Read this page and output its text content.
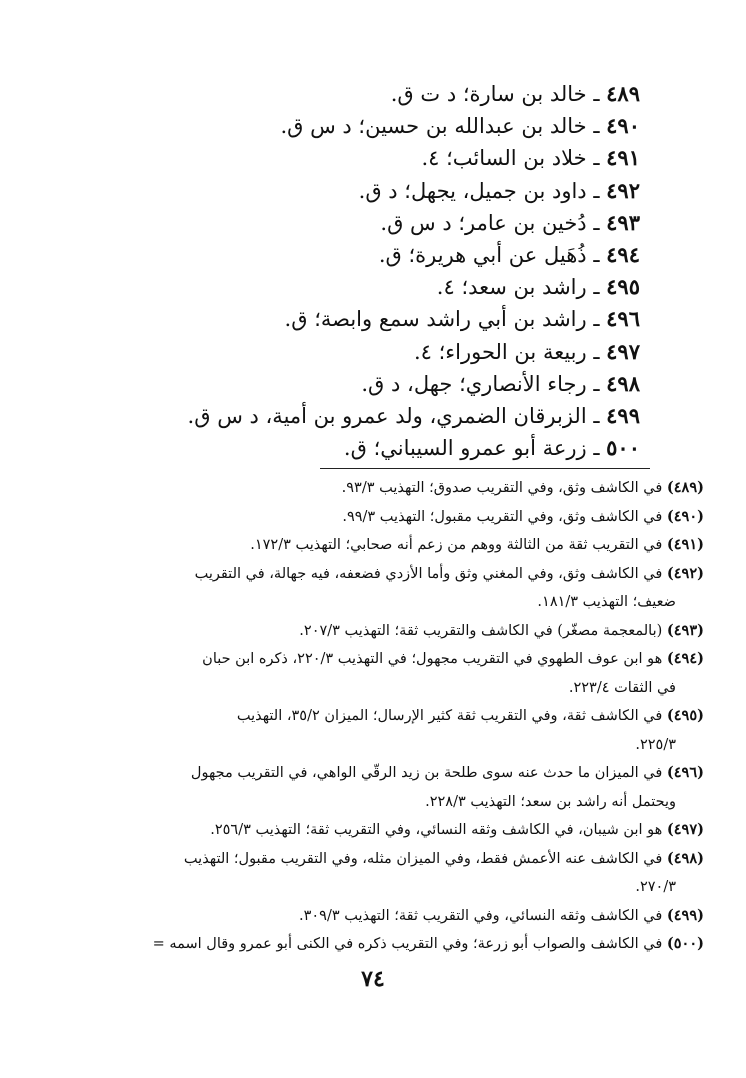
٤٨٩ ـ خالد بن سارة؛ د ت ق.
٤٩٠ ـ خالد بن عبدالله بن حسين؛ د س ق.
٤٩١ ـ خلاد بن السائب؛ ٤.
٤٩٢ ـ داود بن جميل، يجهل؛ د ق.
٤٩٣ ـ دُخين بن عامر؛ د س ق.
٤٩٤ ـ ذُهَيل عن أبي هريرة؛ ق.
٤٩٥ ـ راشد بن سعد؛ ٤.
٤٩٦ ـ راشد بن أبي راشد سمع وابصة؛ ق.
٤٩٧ ـ ربيعة بن الحوراء؛ ٤.
٤٩٨ ـ رجاء الأنصاري؛ جهل، د ق.
٤٩٩ ـ الزبرقان الضمري، ولد عمرو بن أمية، د س ق.
٥٠٠ ـ زرعة أبو عمرو السيباني؛ ق.
(٤٨٩) في الكاشف وثق، وفي التقريب صدوق؛ التهذيب ٩٣/٣.
(٤٩٠) في الكاشف وثق، وفي التقريب مقبول؛ التهذيب ٩٩/٣.
(٤٩١) في التقريب ثقة من الثالثة ووهم من زعم أنه صحابي؛ التهذيب ١٧٢/٣.
(٤٩٢) في الكاشف وثق، وفي المغني وثق وأما الأزدي فضعفه، فيه جهالة، في التقريب
ضعيف؛ التهذيب ١٨١/٣.
(٤٩٣) (بالمعجمة مصغّر) في الكاشف والتقريب ثقة؛ التهذيب ٢٠٧/٣.
(٤٩٤) هو ابن عوف الطهوي في التقريب مجهول؛ في التهذيب ٢٢٠/٣، ذكره ابن حبان
في الثقات ٢٢٣/٤.
(٤٩٥) في الكاشف ثقة، وفي التقريب ثقة كثير الإرسال؛ الميزان ٣٥/٢، التهذيب
٢٢٥/٣.
(٤٩٦) في الميزان ما حدث عنه سوى طلحة بن زيد الرقّي الواهي، في التقريب مجهول
ويحتمل أنه راشد بن سعد؛ التهذيب ٢٢٨/٣.
(٤٩٧) هو ابن شيبان، في الكاشف وثقه النسائي، وفي التقريب ثقة؛ التهذيب ٢٥٦/٣.
(٤٩٨) في الكاشف عنه الأعمش فقط، وفي الميزان مثله، وفي التقريب مقبول؛ التهذيب
٢٧٠/٣.
(٤٩٩) في الكاشف وثقه النسائي، وفي التقريب ثقة؛ التهذيب ٣٠٩/٣.
(٥٠٠) في الكاشف والصواب أبو زرعة؛ وفي التقريب ذكره في الكنى أبو عمرو وقال اسمه =
٧٤
